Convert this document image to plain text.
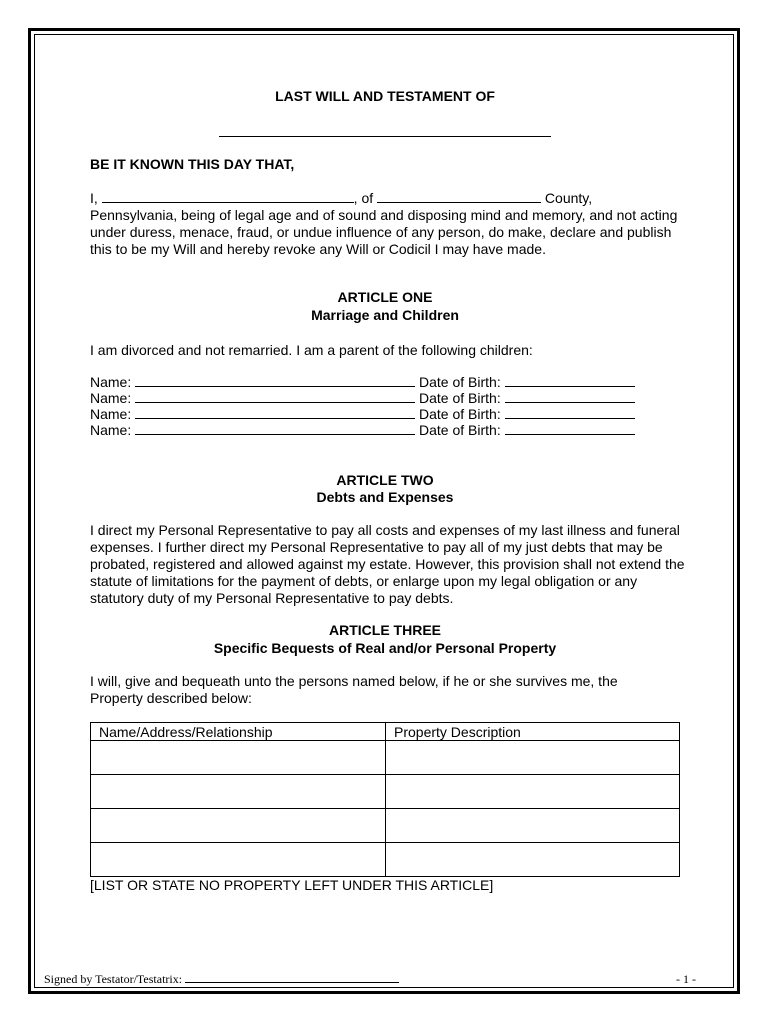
LAST WILL AND TESTAMENT OF
BE IT KNOWN THIS DAY THAT,
I,	, of	County,
Pennsylvania, being of legal age and of sound and disposing mind and memory, and not acting under duress, menace, fraud, or undue influence of any person, do make, declare and publish this to be my Will and hereby revoke any Will or Codicil I may have made.
ARTICLE ONE
Marriage and Children
I am divorced and not remarried. I am a parent of the following children:
Name:	Date of Birth:
Name:	Date of Birth:
Name:	Date of Birth:
Name:	Date of Birth:
ARTICLE TWO
Debts and Expenses
I direct my Personal Representative to pay all costs and expenses of my last illness and funeral expenses. I further direct my Personal Representative to pay all of my just debts that may be probated, registered and allowed against my estate. However, this provision shall not extend the statute of limitations for the payment of debts, or enlarge upon my legal obligation or any statutory duty of my Personal Representative to pay debts.
ARTICLE THREE
Specific Bequests of Real and/or Personal Property
I will, give and bequeath unto the persons named below, if he or she survives me, the Property described below:
Name/Address/Relationship	Property Description

[LIST OR STATE NO PROPERTY LEFT UNDER THIS ARTICLE]
Signed by Testator/Testatrix:	- 1 -
